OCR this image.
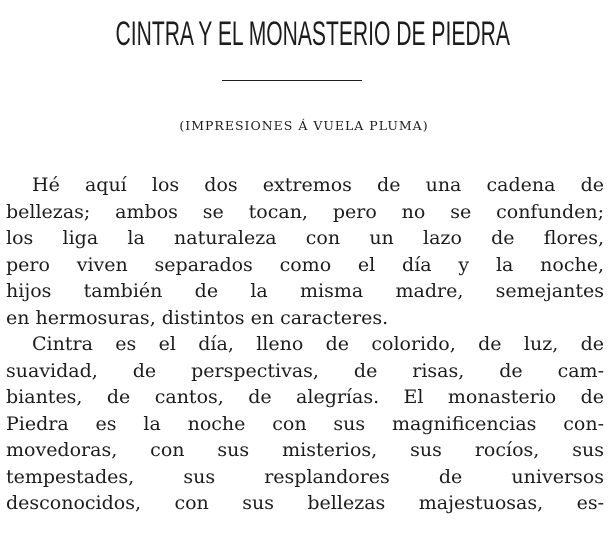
CINTRA Y EL MONASTERIO DE PIEDRA
(IMPRESIONES Á VUELA PLUMA)
Hé aquí los dos extremos de una cadena de
bellezas; ambos se tocan, pero no se confunden;
los liga la naturaleza con un lazo de flores,
pero viven separados como el día y la noche,
hijos también de la misma madre, semejantes
en hermosuras, distintos en caracteres.
Cintra es el día, lleno de colorido, de luz, de
suavidad, de perspectivas, de risas, de cam-
biantes, de cantos, de alegrías. El monasterio de
Piedra es la noche con sus magnificencias con-
movedoras, con sus misterios, sus rocíos, sus
tempestades, sus resplandores de universos
desconocidos, con sus bellezas majestuosas, es-
